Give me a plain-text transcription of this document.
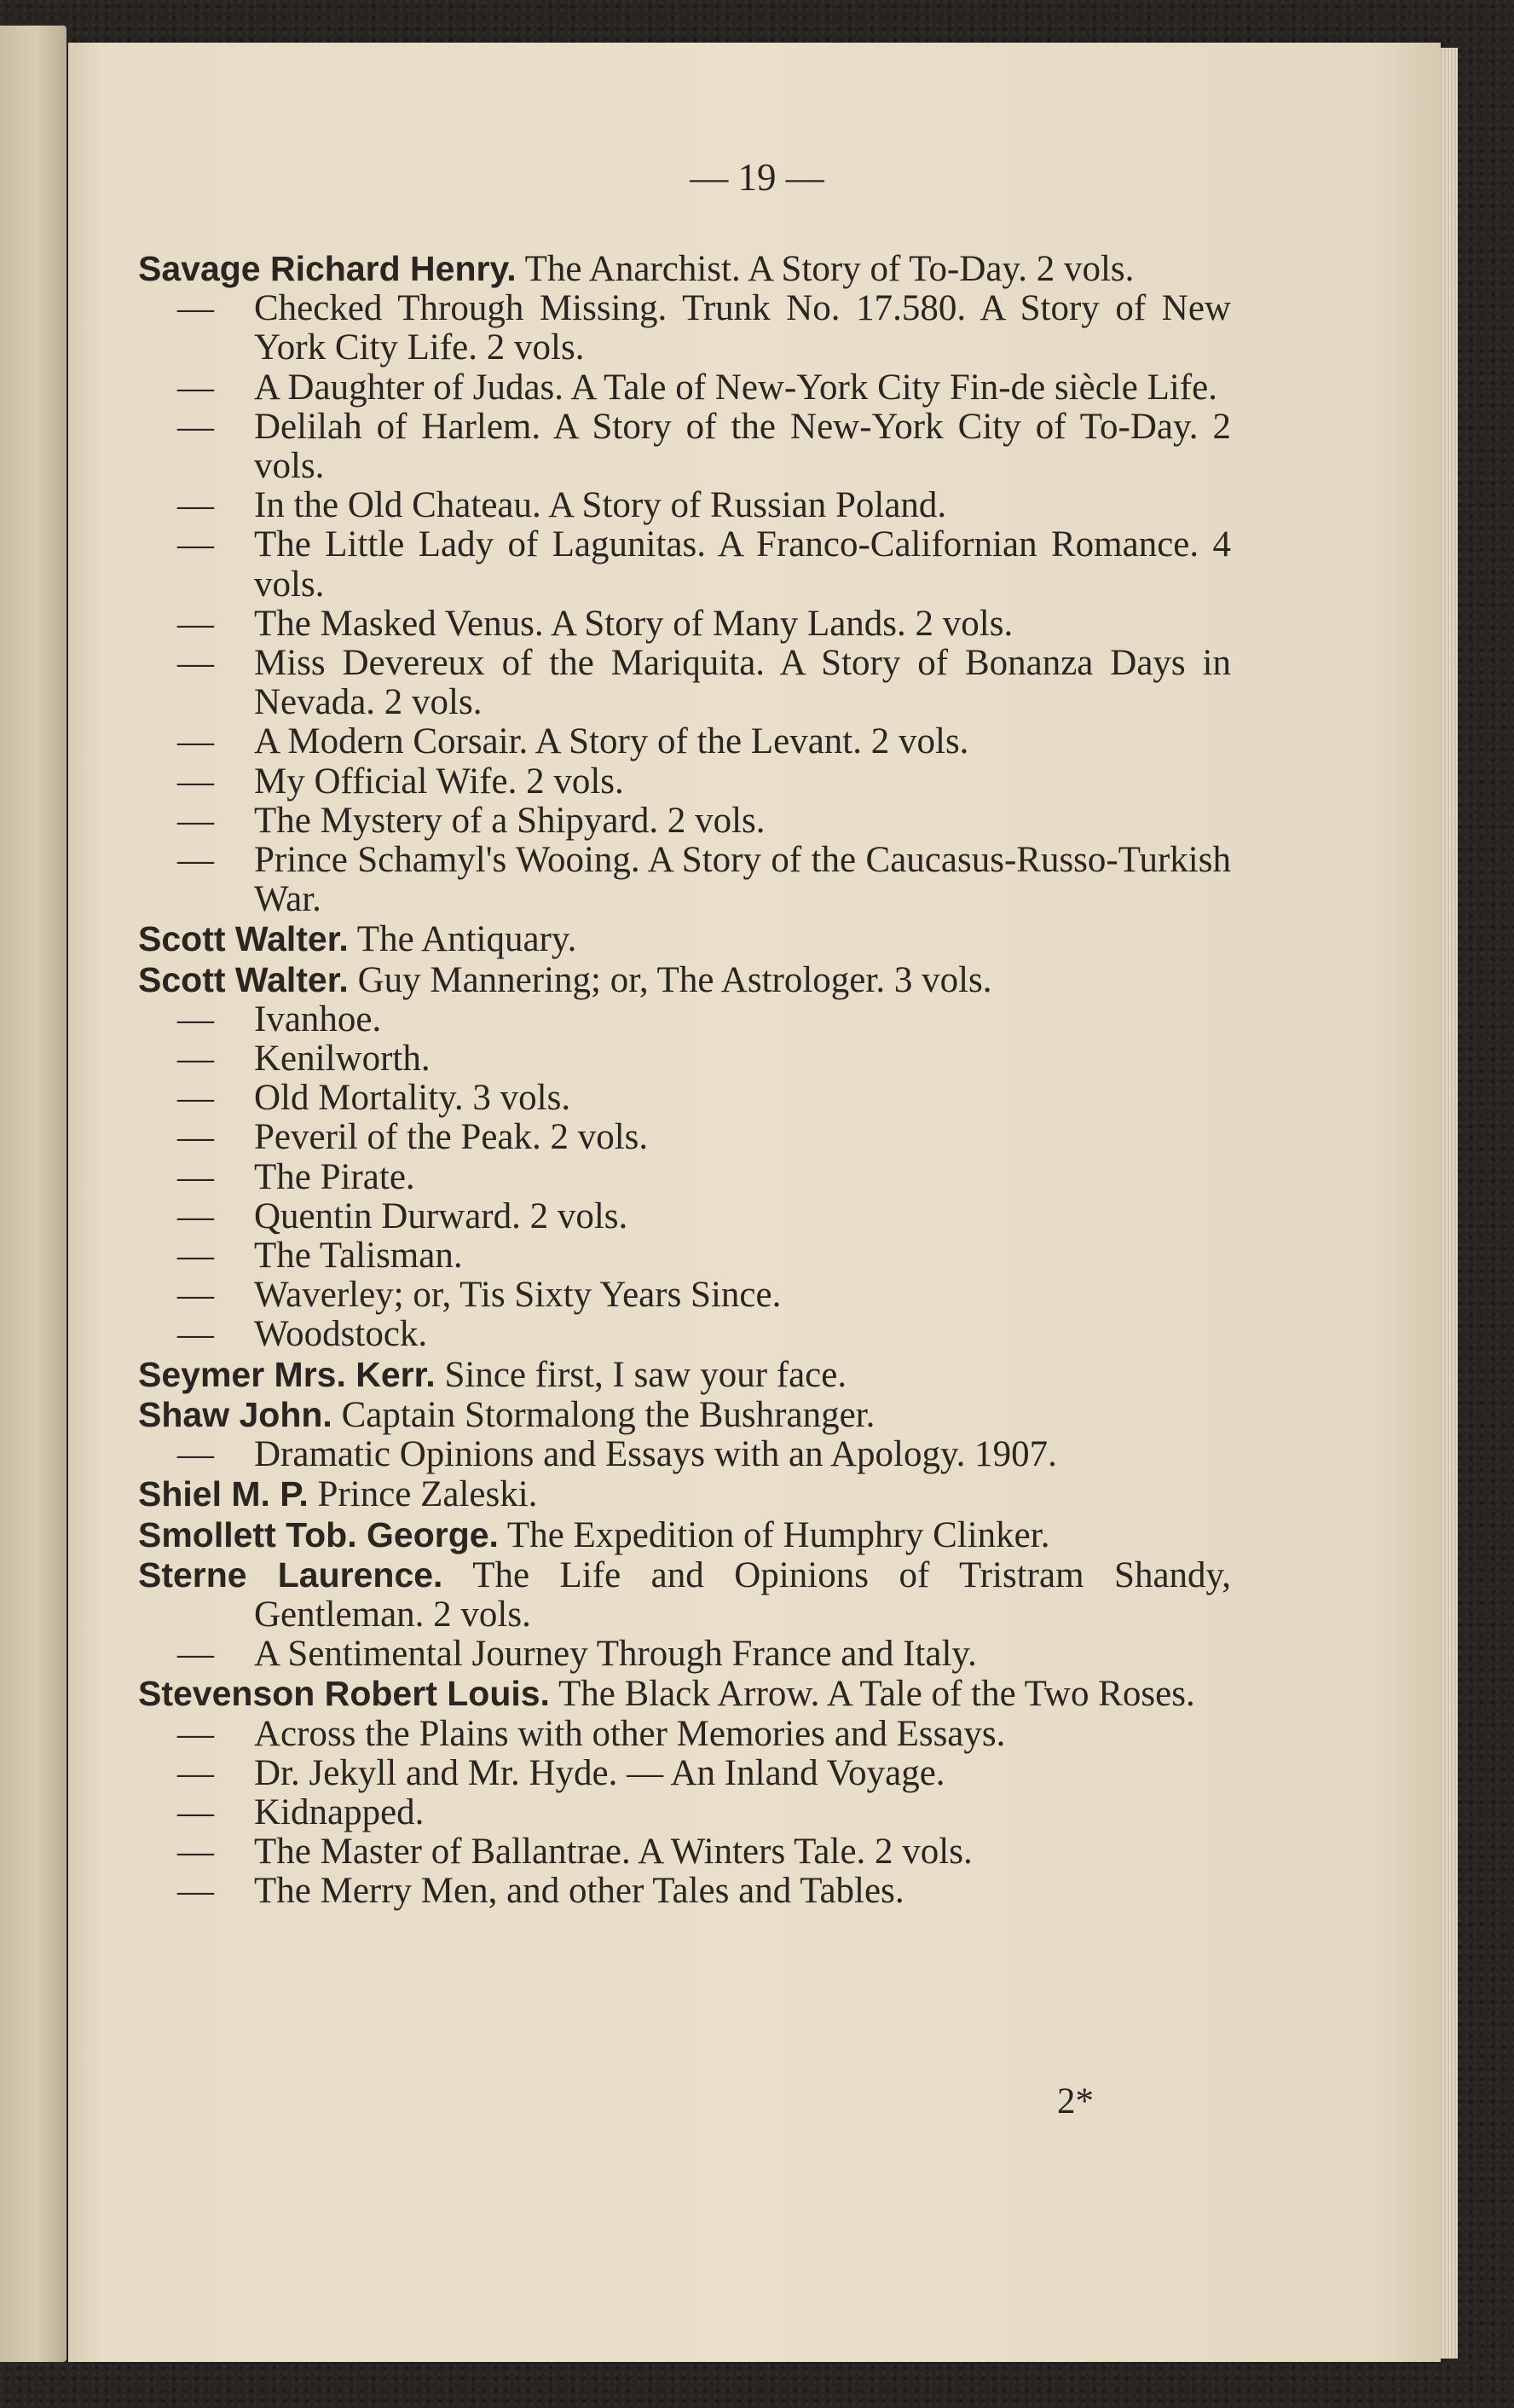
— 19 —
Savage Richard Henry. The Anarchist. A Story of To-Day. 2 vols.
—	Checked Through Missing. Trunk No. 17.580. A Story of New York City Life. 2 vols.
—	A Daughter of Judas. A Tale of New-York City Fin-de siècle Life.
—	Delilah of Harlem. A Story of the New-York City of To-Day. 2 vols.
—	In the Old Chateau. A Story of Russian Poland.
—	The Little Lady of Lagunitas. A Franco-Californian Romance. 4 vols.
—	The Masked Venus. A Story of Many Lands. 2 vols.
—	Miss Devereux of the Mariquita. A Story of Bonanza Days in Nevada. 2 vols.
—	A Modern Corsair. A Story of the Levant. 2 vols.
—	My Official Wife. 2 vols.
—	The Mystery of a Shipyard. 2 vols.
—	Prince Schamyl's Wooing. A Story of the Caucasus-Russo-Turkish War.
Scott Walter. The Antiquary.
Scott Walter. Guy Mannering; or, The Astrologer. 3 vols.
—	Ivanhoe.
—	Kenilworth.
—	Old Mortality. 3 vols.
—	Peveril of the Peak. 2 vols.
—	The Pirate.
—	Quentin Durward. 2 vols.
—	The Talisman.
—	Waverley; or, Tis Sixty Years Since.
—	Woodstock.
Seymer Mrs. Kerr. Since first, I saw your face.
Shaw John. Captain Stormalong the Bushranger.
—	Dramatic Opinions and Essays with an Apology. 1907.
Shiel M. P. Prince Zaleski.
Smollett Tob. George. The Expedition of Humphry Clinker.
Sterne Laurence. The Life and Opinions of Tristram Shandy, Gentleman. 2 vols.
—	A Sentimental Journey Through France and Italy.
Stevenson Robert Louis. The Black Arrow. A Tale of the Two Roses.
—	Across the Plains with other Memories and Essays.
—	Dr. Jekyll and Mr. Hyde. — An Inland Voyage.
—	Kidnapped.
—	The Master of Ballantrae. A Winters Tale. 2 vols.
—	The Merry Men, and other Tales and Tables.
2*
